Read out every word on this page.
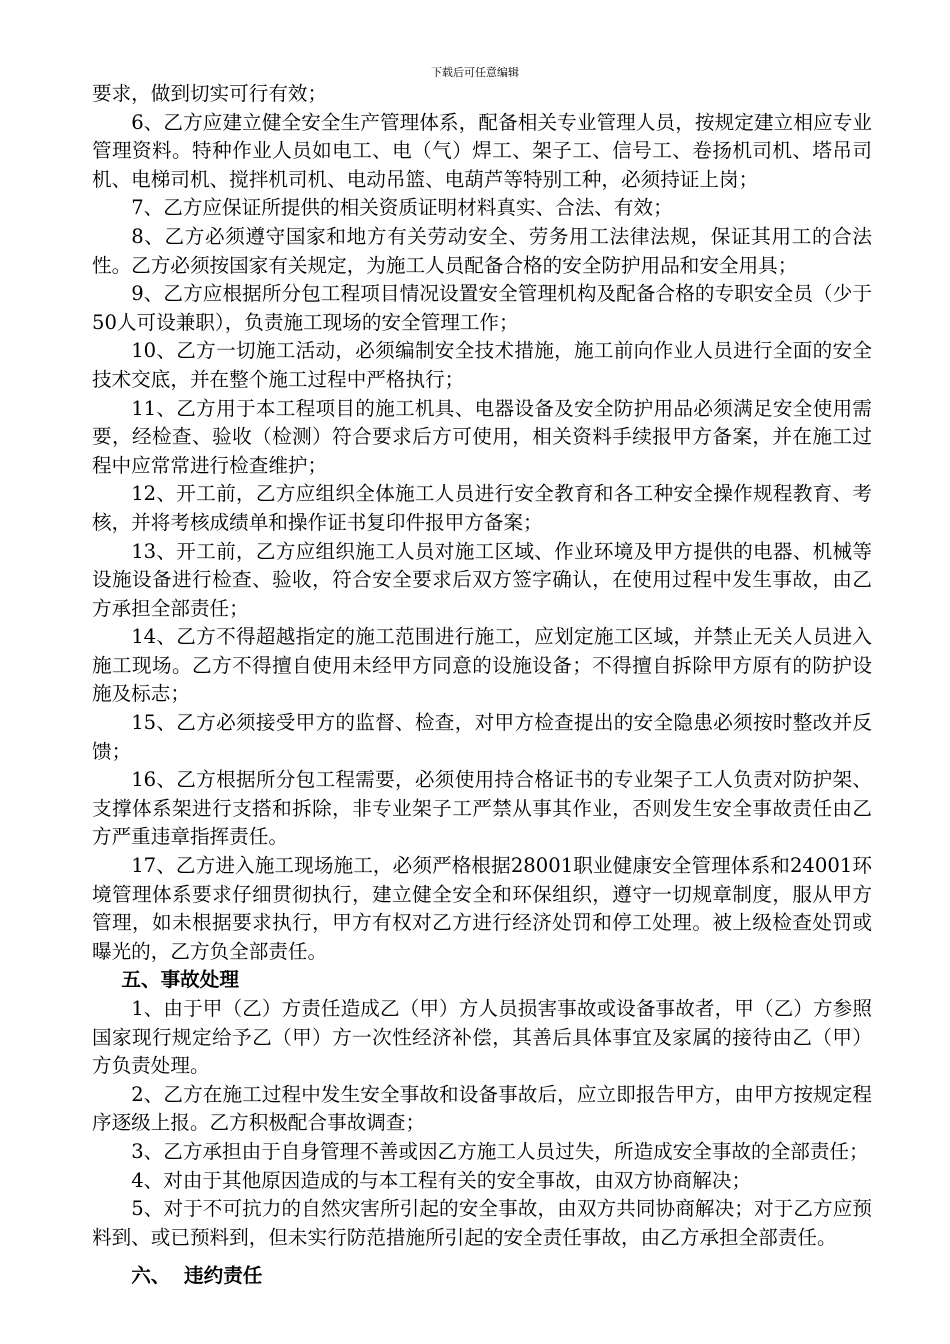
下载后可任意编辑

要求，做到切实可行有效；

6、乙方应建立健全安全生产管理体系，配备相关专业管理人员，按规定建立相应专业管理资料。特种作业人员如电工、电（气）焊工、架子工、信号工、卷扬机司机、塔吊司机、电梯司机、搅拌机司机、电动吊篮、电葫芦等特别工种，必须持证上岗；

7、乙方应保证所提供的相关资质证明材料真实、合法、有效；

8、乙方必须遵守国家和地方有关劳动安全、劳务用工法律法规，保证其用工的合法性。乙方必须按国家有关规定，为施工人员配备合格的安全防护用品和安全用具；

9、乙方应根据所分包工程项目情况设置安全管理机构及配备合格的专职安全员（少于50人可设兼职），负责施工现场的安全管理工作；

10、乙方一切施工活动，必须编制安全技术措施，施工前向作业人员进行全面的安全技术交底，并在整个施工过程中严格执行；

11、乙方用于本工程项目的施工机具、电器设备及安全防护用品必须满足安全使用需要，经检查、验收（检测）符合要求后方可使用，相关资料手续报甲方备案，并在施工过程中应常常进行检查维护；

12、开工前，乙方应组织全体施工人员进行安全教育和各工种安全操作规程教育、考核，并将考核成绩单和操作证书复印件报甲方备案；

13、开工前，乙方应组织施工人员对施工区域、作业环境及甲方提供的电器、机械等设施设备进行检查、验收，符合安全要求后双方签字确认，在使用过程中发生事故，由乙方承担全部责任；

14、乙方不得超越指定的施工范围进行施工，应划定施工区域，并禁止无关人员进入施工现场。乙方不得擅自使用未经甲方同意的设施设备；不得擅自拆除甲方原有的防护设施及标志；

15、乙方必须接受甲方的监督、检查，对甲方检查提出的安全隐患必须按时整改并反馈；

16、乙方根据所分包工程需要，必须使用持合格证书的专业架子工人负责对防护架、支撑体系架进行支搭和拆除，非专业架子工严禁从事其作业，否则发生安全事故责任由乙方严重违章指挥责任。

17、乙方进入施工现场施工，必须严格根据28001职业健康安全管理体系和24001环境管理体系要求仔细贯彻执行，建立健全安全和环保组织，遵守一切规章制度，服从甲方管理，如未根据要求执行，甲方有权对乙方进行经济处罚和停工处理。被上级检查处罚或曝光的，乙方负全部责任。

五、事故处理

1、由于甲（乙）方责任造成乙（甲）方人员损害事故或设备事故者，甲（乙）方参照国家现行规定给予乙（甲）方一次性经济补偿，其善后具体事宜及家属的接待由乙（甲）方负责处理。

2、乙方在施工过程中发生安全事故和设备事故后，应立即报告甲方，由甲方按规定程序逐级上报。乙方积极配合事故调查；

3、乙方承担由于自身管理不善或因乙方施工人员过失，所造成安全事故的全部责任；

4、对由于其他原因造成的与本工程有关的安全事故，由双方协商解决；

5、对于不可抗力的自然灾害所引起的安全事故，由双方共同协商解决；对于乙方应预料到、或已预料到，但未实行防范措施所引起的安全责任事故，由乙方承担全部责任。

六、  违约责任
